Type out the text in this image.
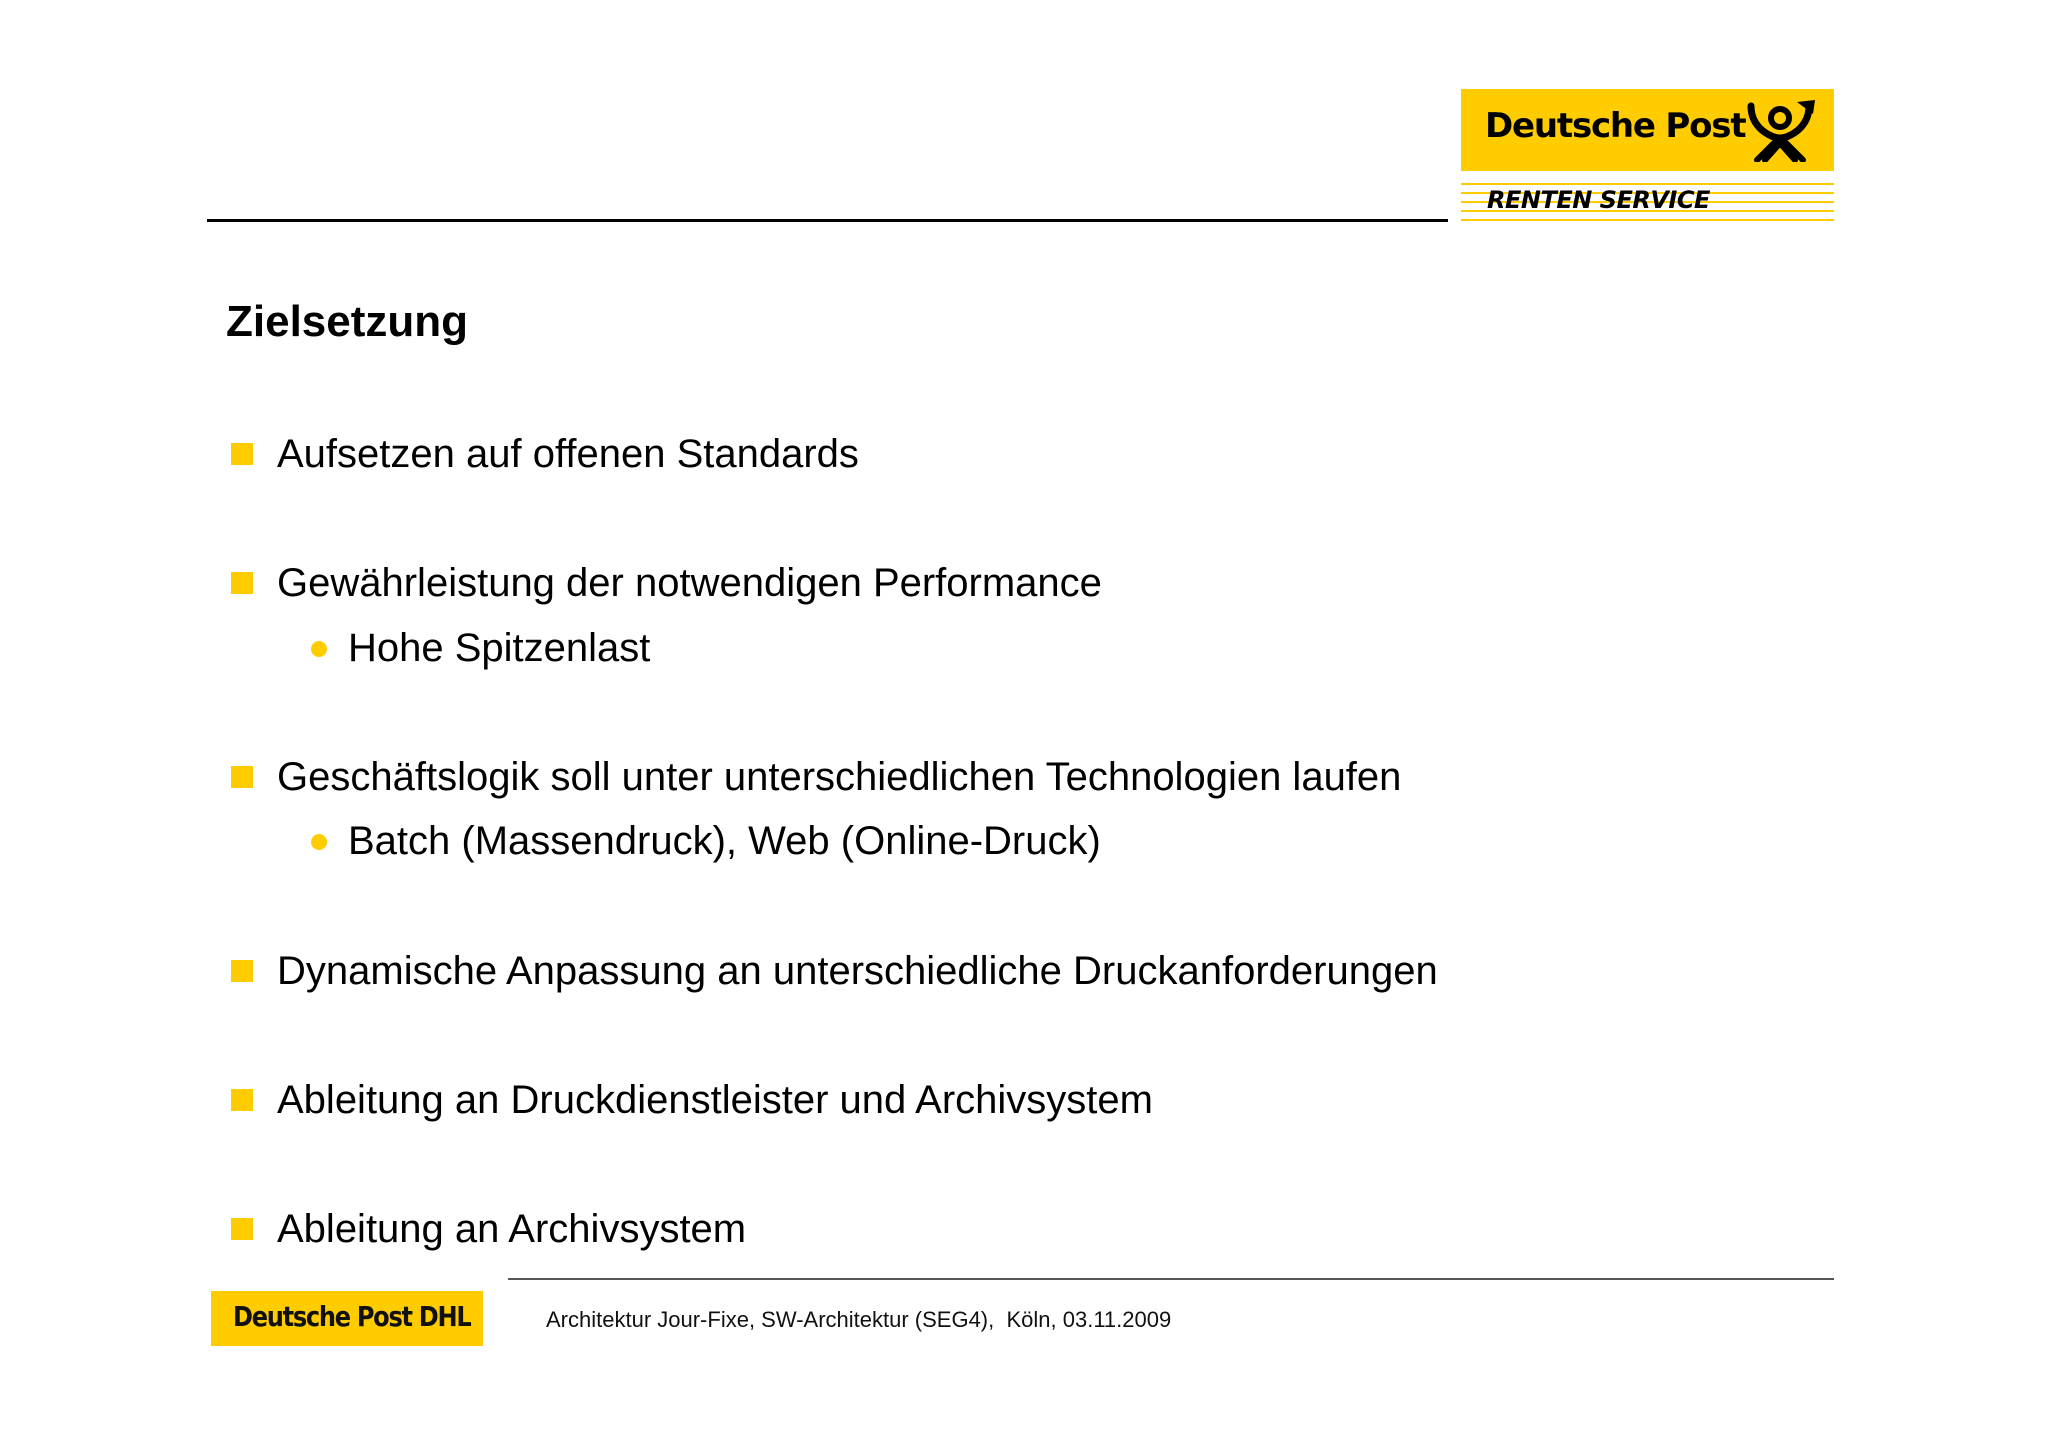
Deutsche Post
RENTEN SERVICE
Zielsetzung
Aufsetzen auf offenen Standards
Gewährleistung der notwendigen Performance
Hohe Spitzenlast
Geschäftslogik soll unter unterschiedlichen Technologien laufen
Batch (Massendruck), Web (Online-Druck)
Dynamische Anpassung an unterschiedliche Druckanforderungen
Ableitung an Druckdienstleister und Archivsystem
Ableitung an Archivsystem
Deutsche Post DHL	Architektur Jour-Fixe, SW-Architektur (SEG4),  Köln, 03.11.2009
